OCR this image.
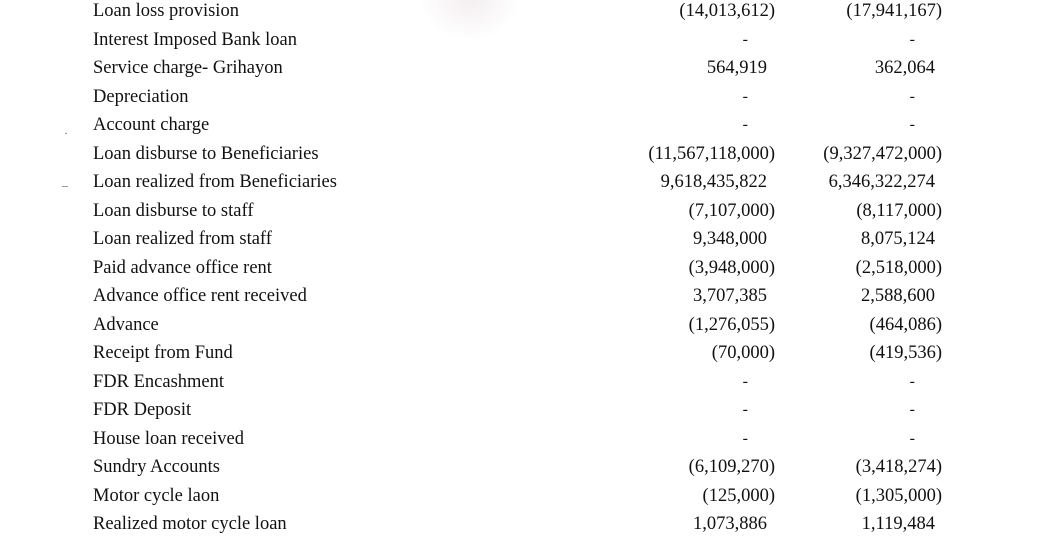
·
–
Loan loss provision	(14,013,612)	(17,941,167)
Interest Imposed Bank loan	-	-
Service charge- Grihayon	564,919	362,064
Depreciation	-	-
Account charge	-	-
Loan disburse to Beneficiaries	(11,567,118,000)	(9,327,472,000)
Loan realized from Beneficiaries	9,618,435,822	6,346,322,274
Loan disburse to staff	(7,107,000)	(8,117,000)
Loan realized from staff	9,348,000	8,075,124
Paid advance office rent	(3,948,000)	(2,518,000)
Advance office rent received	3,707,385	2,588,600
Advance	(1,276,055)	(464,086)
Receipt from Fund	(70,000)	(419,536)
FDR Encashment	-	-
FDR Deposit	-	-
House loan received	-	-
Sundry Accounts	(6,109,270)	(3,418,274)
Motor cycle laon	(125,000)	(1,305,000)
Realized motor cycle loan	1,073,886	1,119,484
